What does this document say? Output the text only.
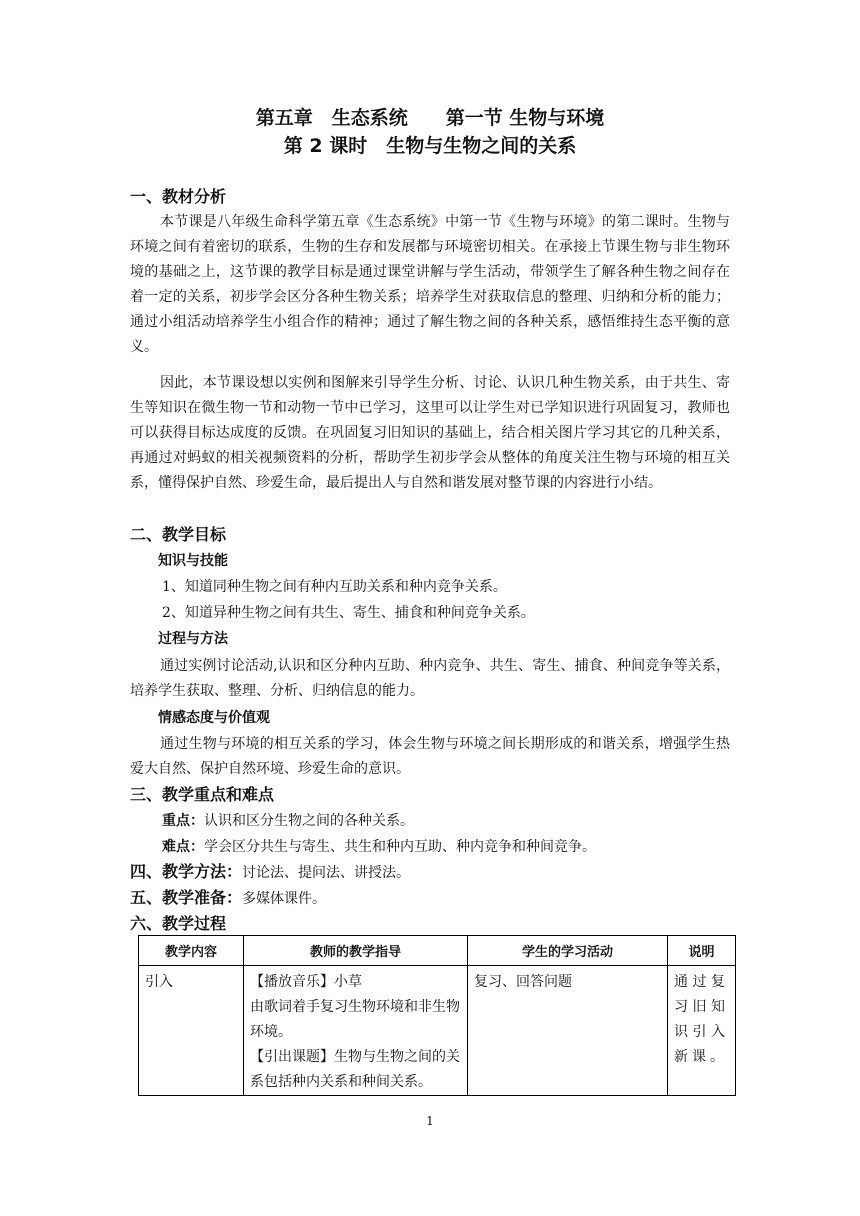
第五章　生态系统　　第一节 生物与环境
第 2 课时　生物与生物之间的关系
一、教材分析
本节课是八年级生命科学第五章《生态系统》中第一节《生物与环境》的第二课时。生物与环境之间有着密切的联系，生物的生存和发展都与环境密切相关。在承接上节课生物与非生物环境的基础之上，这节课的教学目标是通过课堂讲解与学生活动，带领学生了解各种生物之间存在着一定的关系，初步学会区分各种生物关系；培养学生对获取信息的整理、归纳和分析的能力；通过小组活动培养学生小组合作的精神；通过了解生物之间的各种关系，感悟维持生态平衡的意义。
因此，本节课设想以实例和图解来引导学生分析、讨论、认识几种生物关系，由于共生、寄生等知识在微生物一节和动物一节中已学习，这里可以让学生对已学知识进行巩固复习，教师也可以获得目标达成度的反馈。在巩固复习旧知识的基础上，结合相关图片学习其它的几种关系，再通过对蚂蚁的相关视频资料的分析，帮助学生初步学会从整体的角度关注生物与环境的相互关系，懂得保护自然、珍爱生命，最后提出人与自然和谐发展对整节课的内容进行小结。
二、教学目标
知识与技能
1、知道同种生物之间有种内互助关系和种内竞争关系。
2、知道异种生物之间有共生、寄生、捕食和种间竞争关系。
过程与方法
通过实例讨论活动,认识和区分种内互助、种内竞争、共生、寄生、捕食、种间竞争等关系，培养学生获取、整理、分析、归纳信息的能力。
情感态度与价值观
通过生物与环境的相互关系的学习，体会生物与环境之间长期形成的和谐关系，增强学生热爱大自然、保护自然环境、珍爱生命的意识。
三、教学重点和难点
重点：认识和区分生物之间的各种关系。
难点：学会区分共生与寄生、共生和种内互助、种内竞争和种间竞争。
四、教学方法：讨论法、提问法、讲授法。
五、教学准备：多媒体课件。
六、教学过程
教学内容	教师的教学指导	学生的学习活动	说明
引入	【播放音乐】小草
由歌词着手复习生物环境和非生物环境。
【引出课题】生物与生物之间的关系包括种内关系和种间关系。	复习、回答问题	通过复习旧知识引入新课。
1
